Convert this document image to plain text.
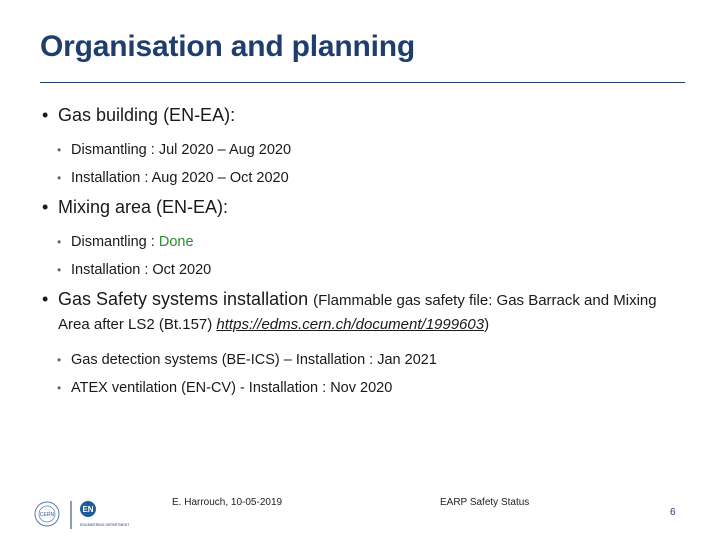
Organisation and planning
• Gas building (EN-EA):
• Dismantling : Jul 2020 – Aug 2020
• Installation : Aug 2020 – Oct 2020
• Mixing area (EN-EA):
• Dismantling : Done
• Installation : Oct 2020
• Gas Safety systems installation (Flammable gas safety file: Gas Barrack and Mixing Area after LS2 (Bt.157) https://edms.cern.ch/document/1999603)
• Gas detection systems (BE-ICS) – Installation : Jan 2021
• ATEX ventilation (EN-CV) - Installation : Nov 2020
CERN
EN
ENGINEERING DEPARTMENT
E. Harrouch, 10-05-2019	EARP Safety Status
6
